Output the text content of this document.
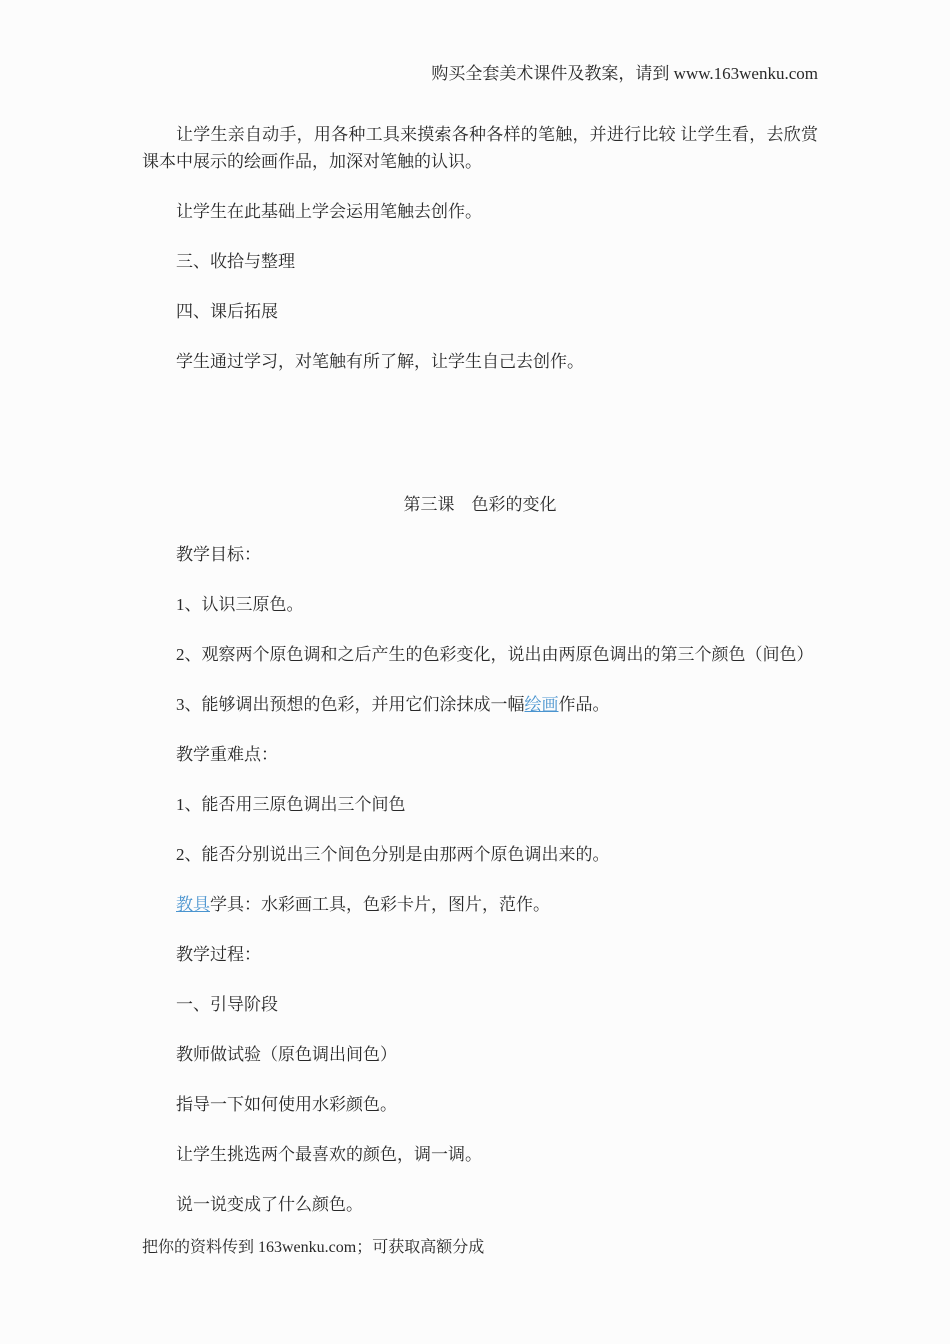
购买全套美术课件及教案，请到 www.163wenku.com

让学生亲自动手，用各种工具来摸索各种各样的笔触，并进行比较 让学生看，去欣赏课本中展示的绘画作品，加深对笔触的认识。

让学生在此基础上学会运用笔触去创作。

三、收拾与整理

四、课后拓展

学生通过学习，对笔触有所了解，让学生自己去创作。

第三课　色彩的变化

教学目标：

1、认识三原色。

2、观察两个原色调和之后产生的色彩变化，说出由两原色调出的第三个颜色（间色）

3、能够调出预想的色彩，并用它们涂抹成一幅绘画作品。

教学重难点：

1、能否用三原色调出三个间色

2、能否分别说出三个间色分别是由那两个原色调出来的。

教具学具：水彩画工具，色彩卡片，图片，范作。

教学过程：

一、引导阶段

教师做试验（原色调出间色）

指导一下如何使用水彩颜色。

让学生挑选两个最喜欢的颜色，调一调。

说一说变成了什么颜色。

把你的资料传到 163wenku.com；可获取高额分成
